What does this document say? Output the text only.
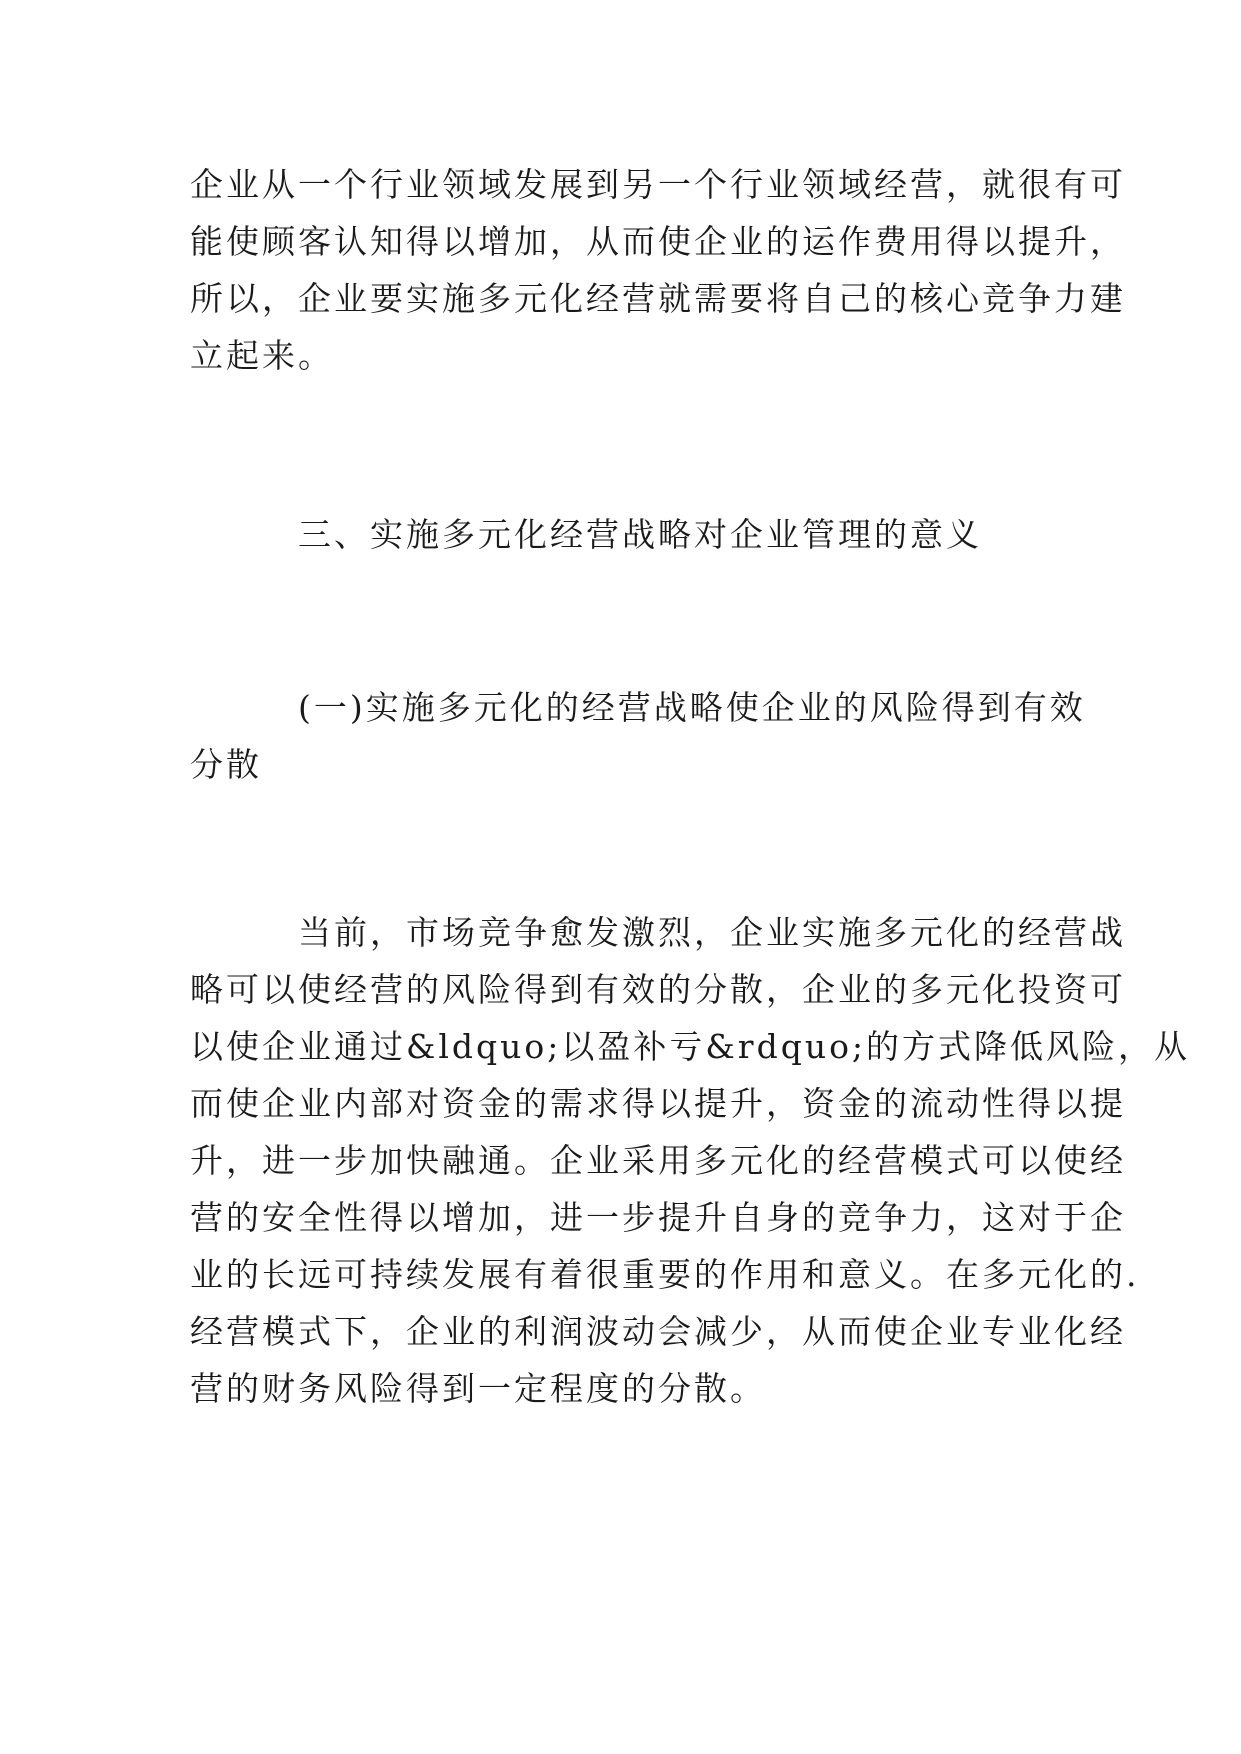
企业从一个行业领域发展到另一个行业领域经营，就很有可
能使顾客认知得以增加，从而使企业的运作费用得以提升，
所以，企业要实施多元化经营就需要将自己的核心竞争力建
立起来。
三、实施多元化经营战略对企业管理的意义
(一)实施多元化的经营战略使企业的风险得到有效
分散
当前，市场竞争愈发激烈，企业实施多元化的经营战
略可以使经营的风险得到有效的分散，企业的多元化投资可
以使企业通过&ldquo;以盈补亏&rdquo;的方式降低风险，从
而使企业内部对资金的需求得以提升，资金的流动性得以提
升，进一步加快融通。企业采用多元化的经营模式可以使经
营的安全性得以增加，进一步提升自身的竞争力，这对于企
业的长远可持续发展有着很重要的作用和意义。在多元化的.
经营模式下，企业的利润波动会减少，从而使企业专业化经
营的财务风险得到一定程度的分散。
